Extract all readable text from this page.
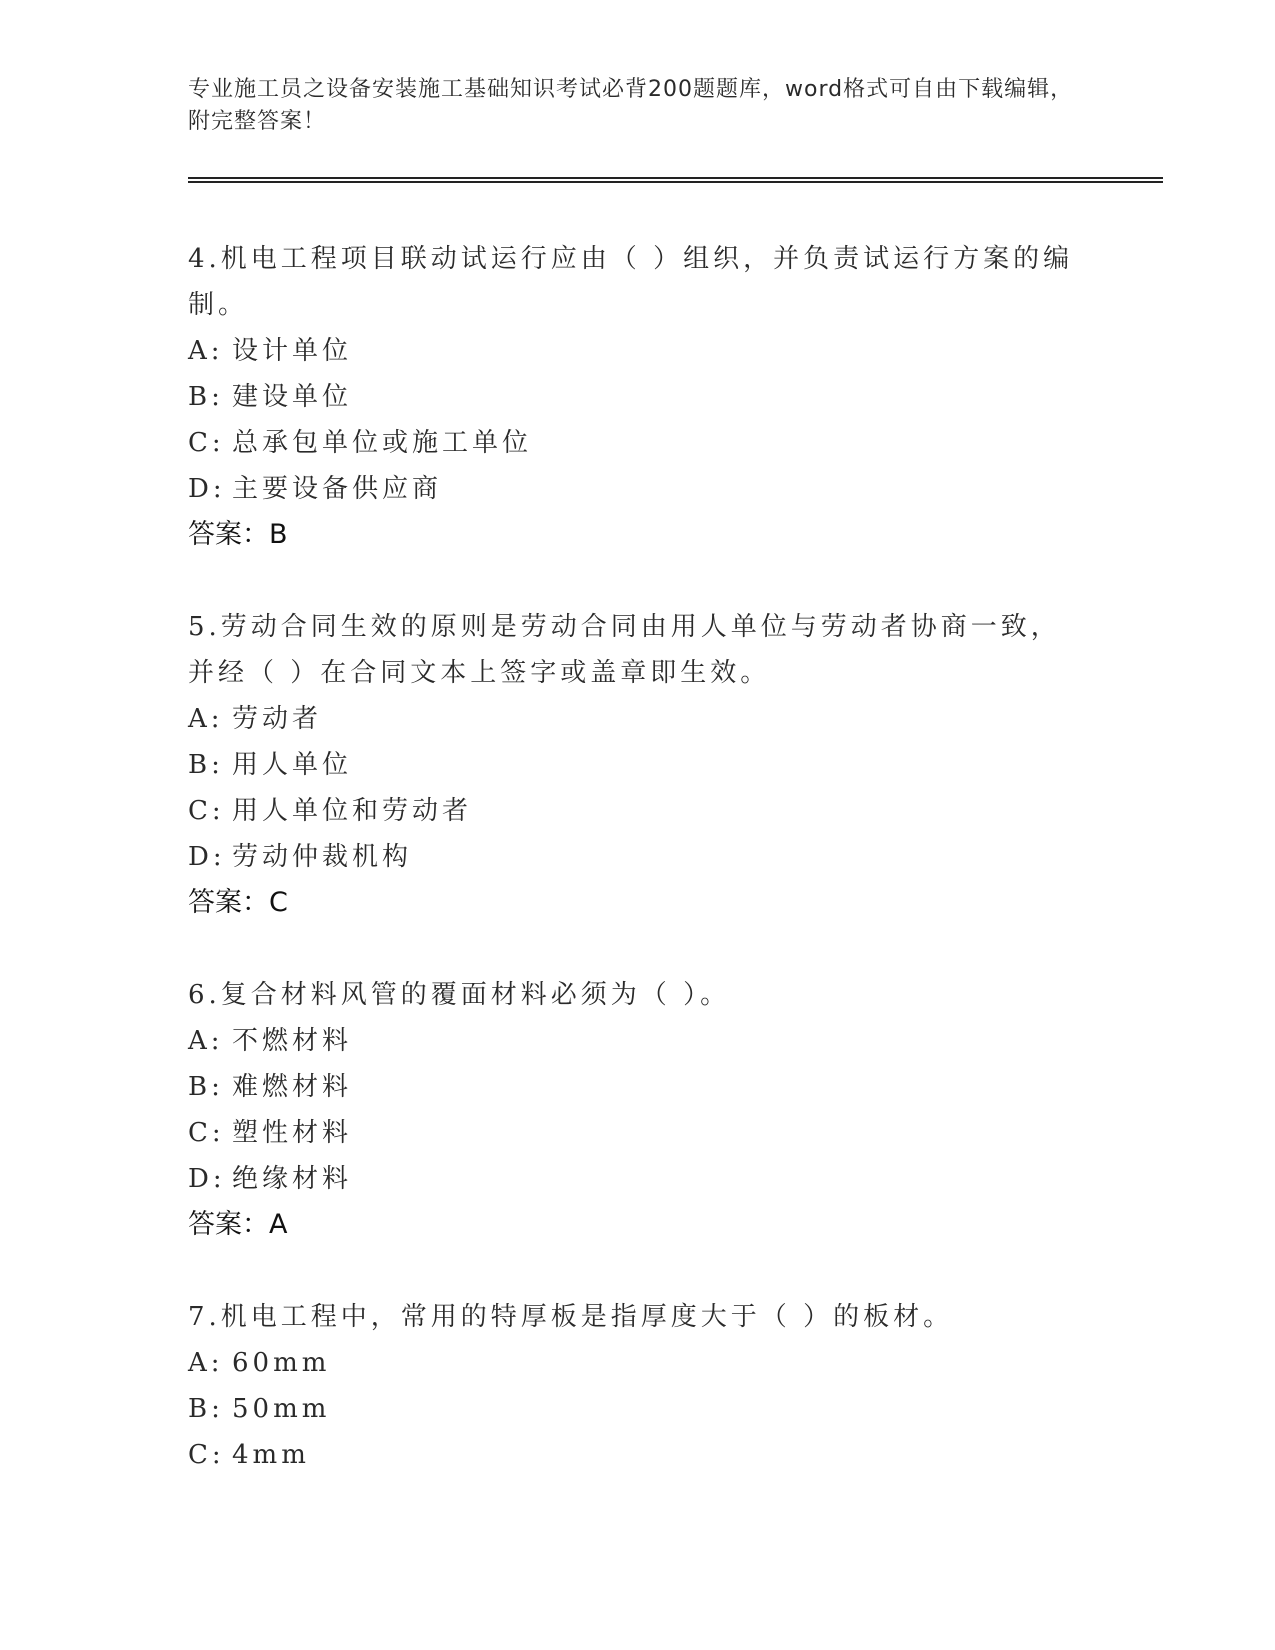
专业施工员之设备安装施工基础知识考试必背200题题库，word格式可自由下载编辑，附完整答案！

4.机电工程项目联动试运行应由（ ）组织，并负责试运行方案的编制。

A: 设计单位

B: 建设单位

C: 总承包单位或施工单位

D: 主要设备供应商

答案：B

5.劳动合同生效的原则是劳动合同由用人单位与劳动者协商一致，并经（ ）在合同文本上签字或盖章即生效。

A: 劳动者

B: 用人单位

C: 用人单位和劳动者

D: 劳动仲裁机构

答案：C

6.复合材料风管的覆面材料必须为（ ）。

A: 不燃材料

B: 难燃材料

C: 塑性材料

D: 绝缘材料

答案：A

7.机电工程中，常用的特厚板是指厚度大于（ ）的板材。

A: 60mm

B: 50mm

C: 4mm
